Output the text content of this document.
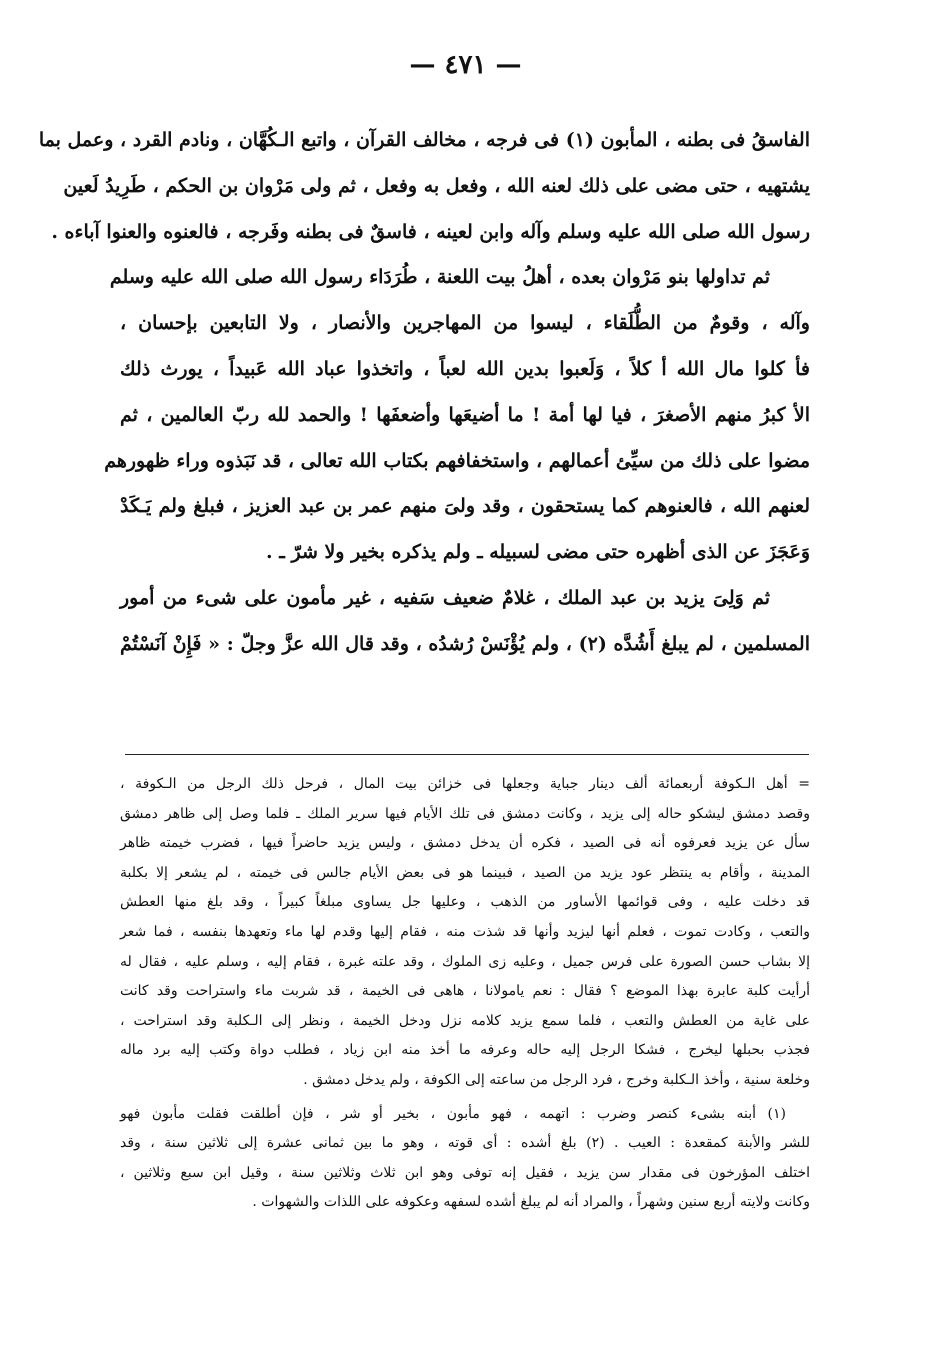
— ٤٧١ —
الفاسقُ فى بطنه ، المأبون (١) فى فرجه ، مخالف القرآن ، واتبع الـكُهَّان ، ونادم القرد ، وعمل بما
يشتهيه ، حتى مضى على ذلك لعنه الله ، وفعل به وفعل ، ثم ولى مَرْوان بن الحكم ، طَرِيدُ لَعين
رسول الله صلى الله عليه وسلم وآله وابن لعينه ، فاسقٌ فى بطنه وفَرجه ، فالعنوه والعنوا آباءه .
ثم تداولها بنو مَرْوان بعده ، أهلُ بيت اللعنة ، طُرَدَاء رسول الله صلى الله عليه وسلم
وآله ، وقومٌ من الطُّلَقاء ، ليسوا من المهاجرين والأنصار ، ولا التابعين بإحسان ،
فأ كلوا مال الله أ كلاً ، وَلَعبوا بدين الله لعباً ، واتخذوا عباد الله عَبيداً ، يورث ذلك
الأ كبرُ منهم الأصغرَ ، فيا لها أمة ! ما أضيعَها وأضعفَها ! والحمد لله ربّ العالمين ، ثم
مضوا على ذلك من سيِّئ أعمالهم ، واستخفافهم بكتاب الله تعالى ، قد نَبَذوه وراء ظهورهم
لعنهم الله ، فالعنوهم كما يستحقون ، وقد ولىَ منهم عمر بن عبد العزيز ، فبلغ ولم يَـكَدْ
وَعَجَزَ عن الذى أظهره حتى مضى لسبيله ـ ولم يذكره بخير ولا شرّ ـ .
ثم وَلِىَ يزيد بن عبد الملك ، غلامٌ ضعيف سَفيه ، غير مأمون على شىء من أمور
المسلمين ، لم يبلغ أَشُدَّه (٢) ، ولم يُؤْنَسْ رُشدُه ، وقد قال الله عزَّ وجلّ : « فَإِنْ آنَسْتُمْ
= أهل الـكوفة أربعمائة ألف دينار جباية وجعلها فى خزائن بيت المال ، فرحل ذلك الرجل من الـكوفة ،
وقصد دمشق ليشكو حاله إلى يزيد ، وكانت دمشق فى تلك الأيام فيها سرير الملك ـ فلما وصل إلى ظاهر دمشق
سأل عن يزيد فعرفوه أنه فى الصيد ، فكره أن يدخل دمشق ، وليس يزيد حاضراً فيها ، فضرب خيمته ظاهر
المدينة ، وأقام به ينتظر عود يزيد من الصيد ، فبينما هو فى بعض الأيام جالس فى خيمته ، لم يشعر إلا بكلبة
قد دخلت عليه ، وفى قوائمها الأساور من الذهب ، وعليها جل يساوى مبلغاً كبيراً ، وقد بلغ منها العطش
والتعب ، وكادت تموت ، فعلم أنها ليزيد وأنها قد شذت منه ، فقام إليها وقدم لها ماء وتعهدها بنفسه ، فما شعر
إلا بشاب حسن الصورة على فرس جميل ، وعليه زى الملوك ، وقد علته غبرة ، فقام إليه ، وسلم عليه ، فقال له
أرأيت كلبة عابرة بهذا الموضع ؟ فقال : نعم يامولانا ، هاهى فى الخيمة ، قد شربت ماء واستراحت وقد كانت
على غاية من العطش والتعب ، فلما سمع يزيد كلامه نزل ودخل الخيمة ، ونظر إلى الـكلبة وقد استراحت ،
فجذب بحبلها ليخرج ، فشكا الرجل إليه حاله وعرفه ما أخذ منه ابن زياد ، فطلب دواة وكتب إليه برد ماله
وخلعة سنية ، وأخذ الـكلبة وخرج ، فرد الرجل من ساعته إلى الكوفة ، ولم يدخل دمشق .
(١) أبنه بشىء كنصر وضرب : اتهمه ، فهو مأبون ، بخير أو شر ، فإن أطلقت فقلت مأبون فهو
للشر والأبنة كمقعدة : العيب . (٢) بلغ أشده : أى قوته ، وهو ما بين ثمانى عشرة إلى ثلاثين سنة ، وقد
اختلف المؤرخون فى مقدار سن يزيد ، فقيل إنه توفى وهو ابن ثلاث وثلاثين سنة ، وقيل ابن سبع وثلاثين ،
وكانت ولايته أربع سنين وشهراً ، والمراد أنه لم يبلغ أشده لسفهه وعكوفه على اللذات والشهوات .
